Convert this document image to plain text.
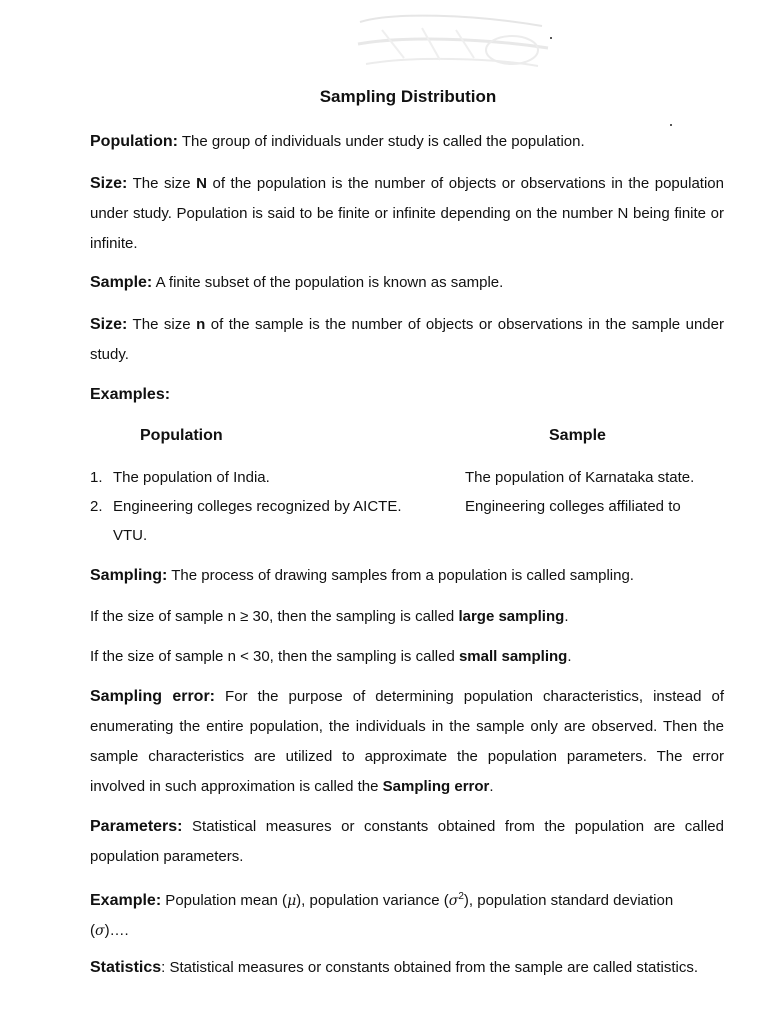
Sampling Distribution
Population: The group of individuals under study is called the population.
Size: The size N of the population is the number of objects or observations in the population under study. Population is said to be finite or infinite depending on the number N being finite or infinite.
Sample: A finite subset of the population is known as sample.
Size: The size n of the sample is the number of objects or observations in the sample under study.
Examples:
Population	Sample
1. The population of India.	The population of Karnataka state.
2. Engineering colleges recognized by AICTE.	Engineering colleges affiliated to
VTU.
Sampling: The process of drawing samples from a population is called sampling.
If the size of sample n ≥ 30, then the sampling is called large sampling.
If the size of sample n < 30, then the sampling is called small sampling.
Sampling error: For the purpose of determining population characteristics, instead of enumerating the entire population, the individuals in the sample only are observed. Then the sample characteristics are utilized to approximate the population parameters. The error involved in such approximation is called the Sampling error.
Parameters: Statistical measures or constants obtained from the population are called population parameters.
Example: Population mean (μ), population variance $(\sigma^2)$, population standard deviation (σ)….
Statistics: Statistical measures or constants obtained from the sample are called statistics.
